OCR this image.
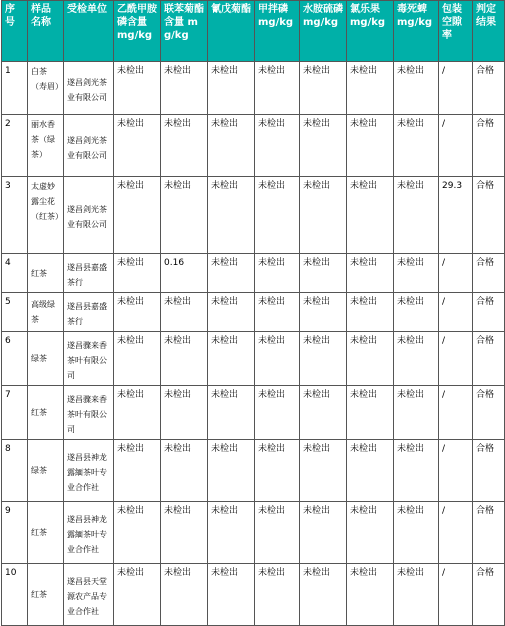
序号	样品名称	受检单位	乙酰甲胺磷含量 mg/kg	联苯菊酯含量 mg/kg	氰戊菊酯	甲拌磷 mg/kg	水胺硫磷 mg/kg	氯乐果 mg/kg	毒死蜱 mg/kg	包装空隙率	判定结果
1	白茶（寿眉）	遂昌剑光茶业有限公司	未检出	未检出	未检出	未检出	未检出	未检出	未检出	/	合格
2	丽水香茶（绿茶）	遂昌剑光茶业有限公司	未检出	未检出	未检出	未检出	未检出	未检出	未检出	/	合格
3	太虚妙露尘花（红茶）	遂昌剑光茶业有限公司	未检出	未检出	未检出	未检出	未检出	未检出	未检出	29.3	合格
4	红茶	遂昌县嘉盛茶行	未检出	0.16	未检出	未检出	未检出	未检出	未检出	/	合格
5	高级绿茶	遂昌县嘉盛茶行	未检出	未检出	未检出	未检出	未检出	未检出	未检出	/	合格
6	绿茶	遂昌骤来香茶叶有限公司	未检出	未检出	未检出	未检出	未检出	未检出	未检出	/	合格
7	红茶	遂昌骤来香茶叶有限公司	未检出	未检出	未检出	未检出	未检出	未检出	未检出	/	合格
8	绿茶	遂昌县神龙露緬茶叶专业合作社	未检出	未检出	未检出	未检出	未检出	未检出	未检出	/	合格
9	红茶	遂昌县神龙露緬茶叶专业合作社	未检出	未检出	未检出	未检出	未检出	未检出	未检出	/	合格
10	红茶	遂昌县天堂源农产品专业合作社	未检出	未检出	未检出	未检出	未检出	未检出	未检出	/	合格
